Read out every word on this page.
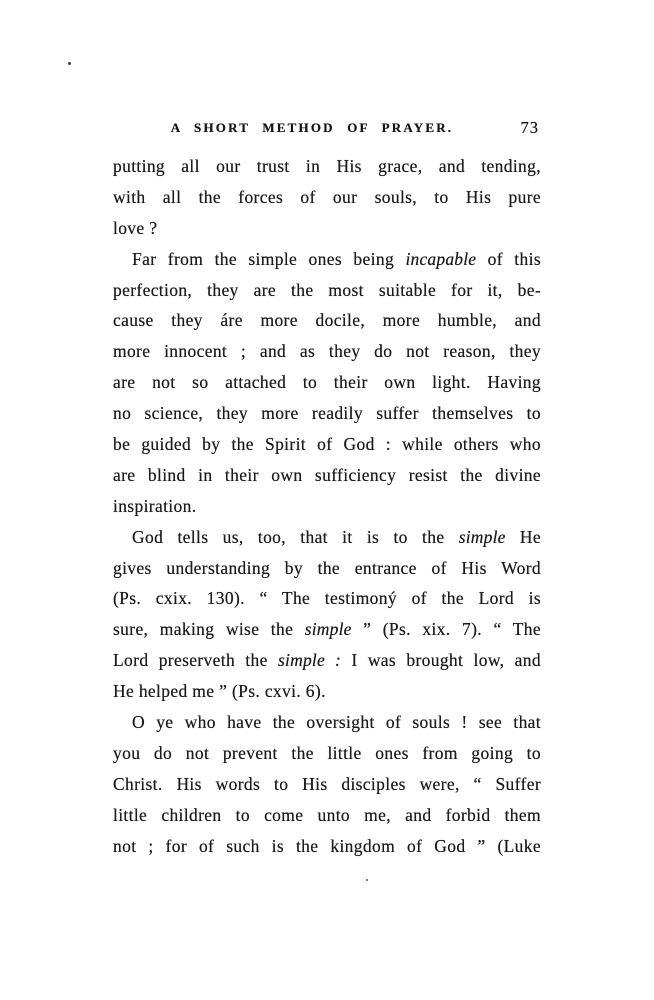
A SHORT METHOD OF PRAYER.	73
putting all our trust in His grace, and tending,
with all the forces of our souls, to His pure
love ?
Far from the simple ones being incapable of this
perfection, they are the most suitable for it, be-
cause they áre more docile, more humble, and
more innocent ; and as they do not reason, they
are not so attached to their own light. Having
no science, they more readily suffer themselves to
be guided by the Spirit of God : while others who
are blind in their own sufficiency resist the divine
inspiration.
God tells us, too, that it is to the simple He
gives understanding by the entrance of His Word
(Ps. cxix. 130). “ The testimoný of the Lord is
sure, making wise the simple ” (Ps. xix. 7). “ The
Lord preserveth the simple : I was brought low, and
He helped me ” (Ps. cxvi. 6).
O ye who have the oversight of souls ! see that
you do not prevent the little ones from going to
Christ. His words to His disciples were, “ Suffer
little children to come unto me, and forbid them
not ; for of such is the kingdom of God ” (Luke
